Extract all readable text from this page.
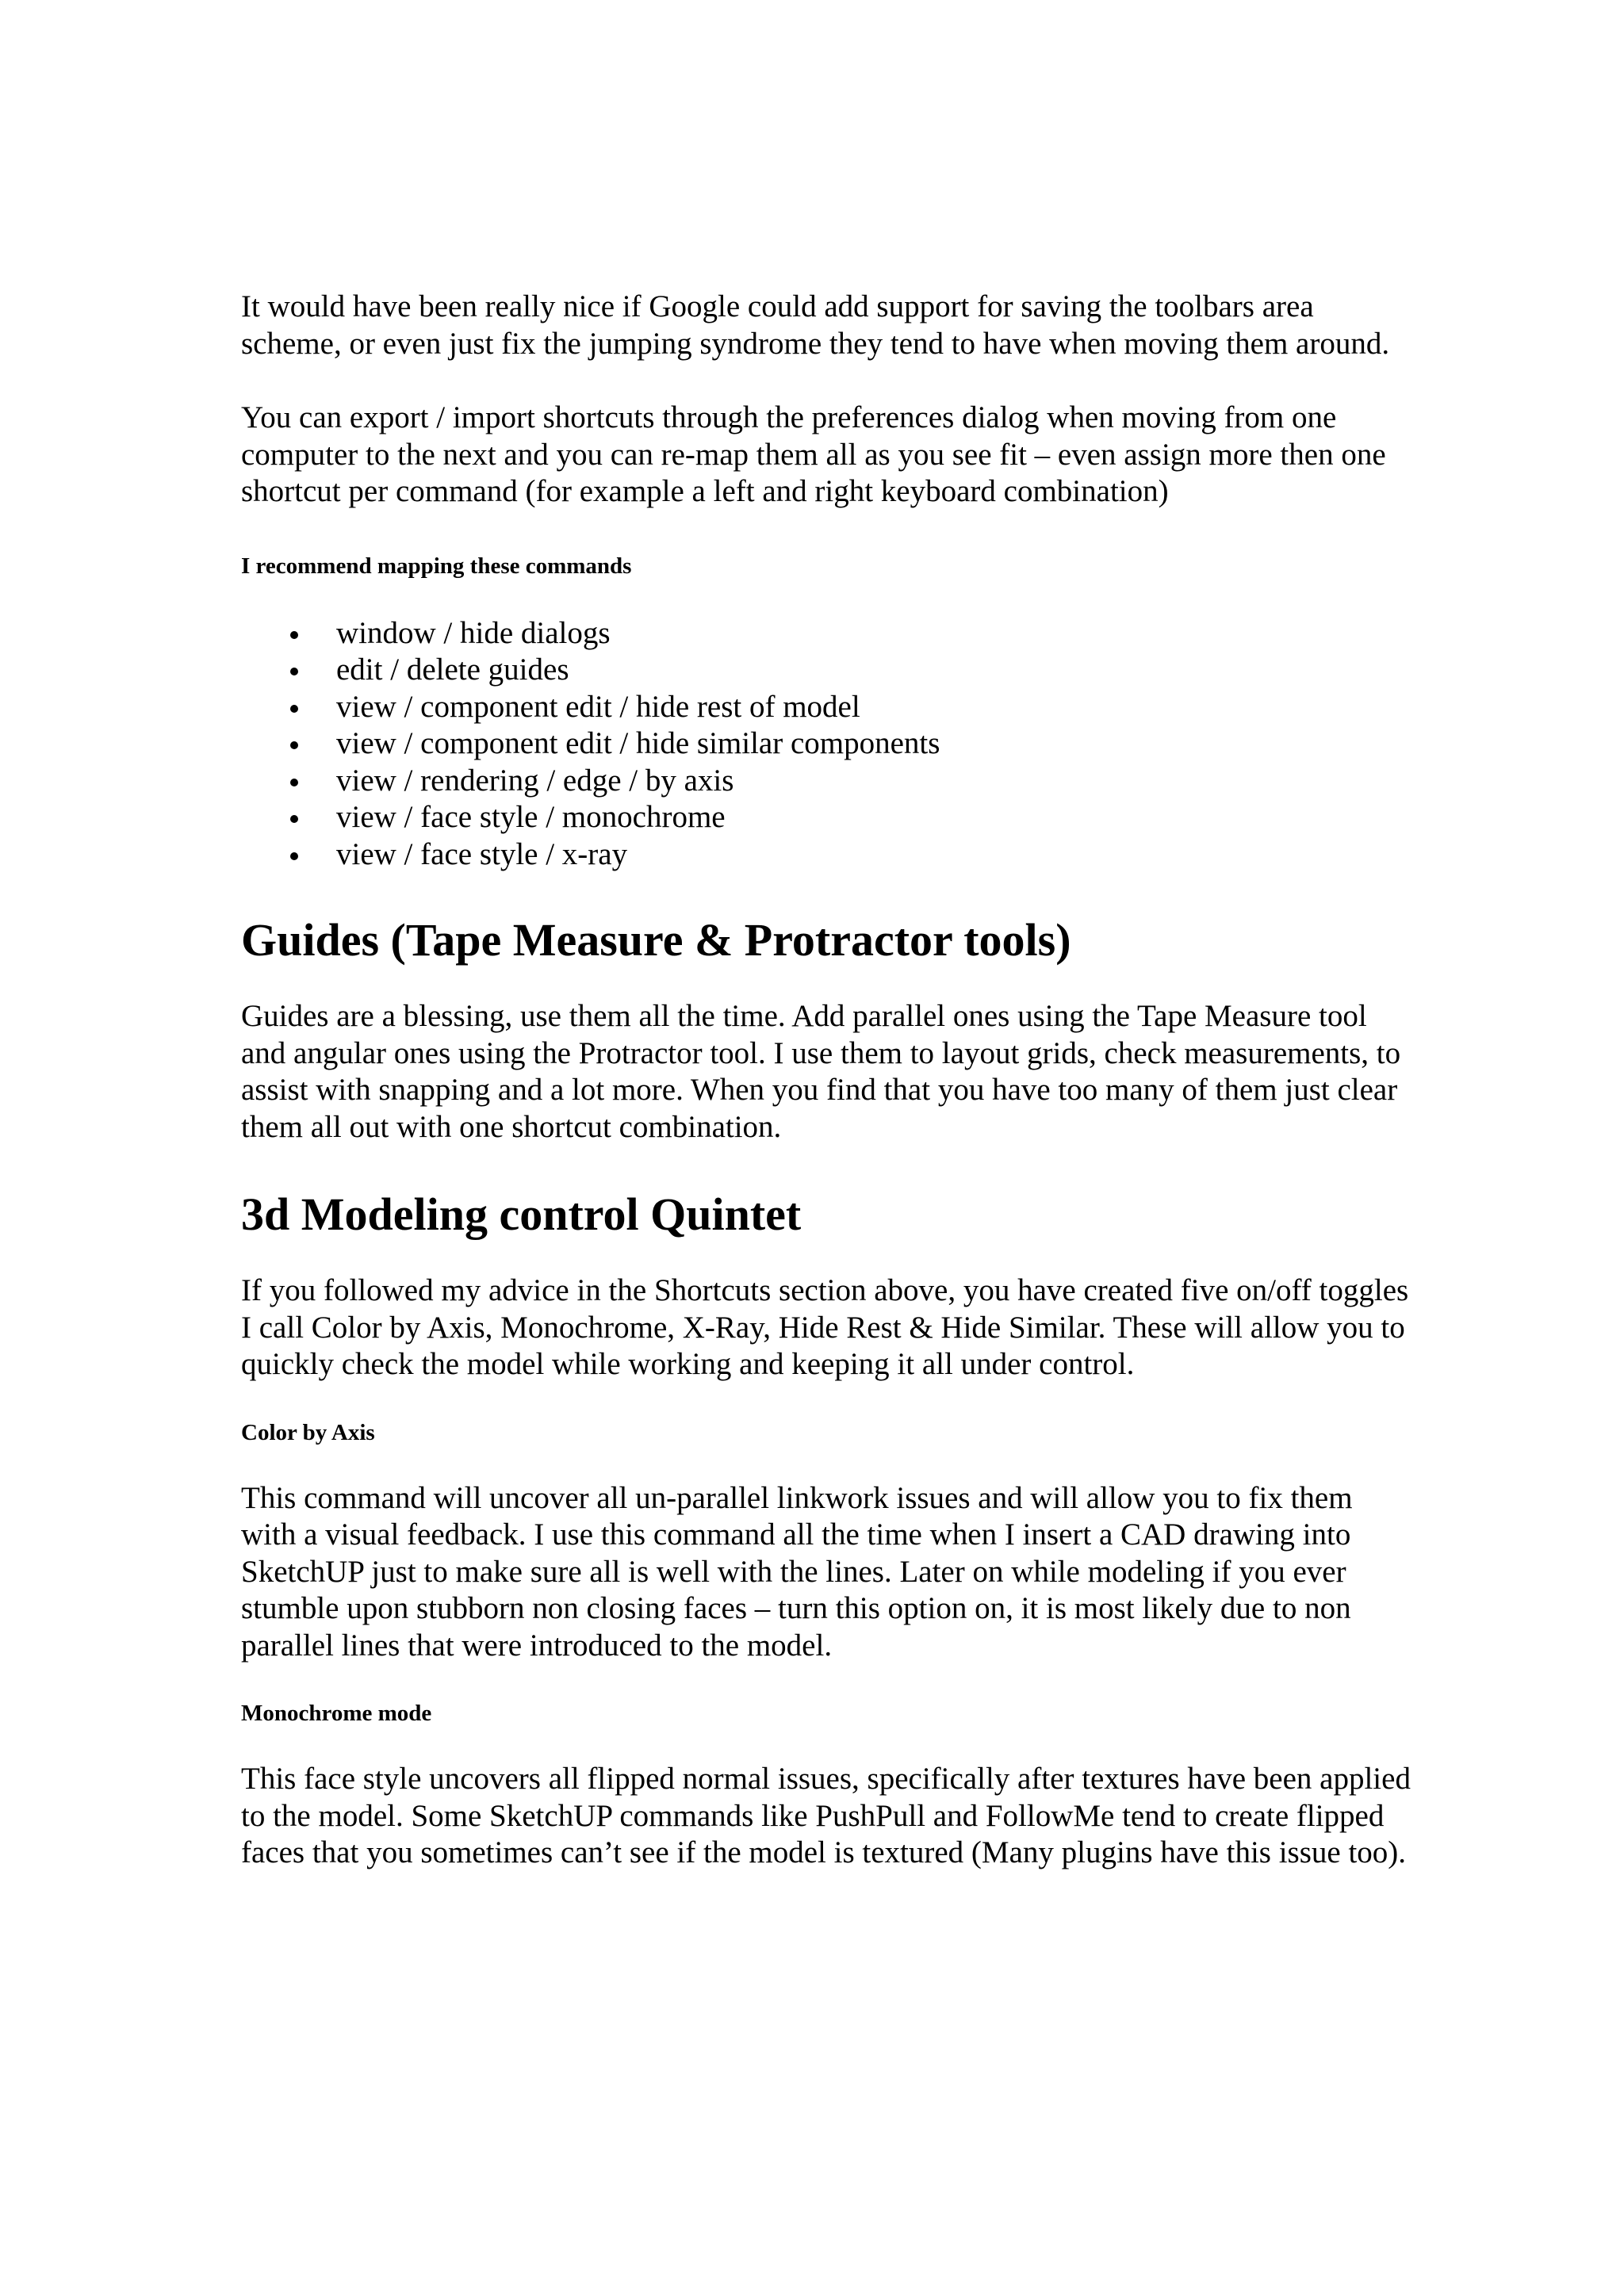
It would have been really nice if Google could add support for saving the toolbars area scheme, or even just fix the jumping syndrome they tend to have when moving them around.

You can export / import shortcuts through the preferences dialog when moving from one computer to the next and you can re-map them all as you see fit – even assign more then one shortcut per command (for example a left and right keyboard combination)

I recommend mapping these commands
window / hide dialogs
edit / delete guides
view / component edit / hide rest of model
view / component edit / hide similar components
view / rendering / edge / by axis
view / face style / monochrome
view / face style / x-ray
Guides (Tape Measure & Protractor tools)

Guides are a blessing, use them all the time. Add parallel ones using the Tape Measure tool and angular ones using the Protractor tool. I use them to layout grids, check measurements, to assist with snapping and a lot more. When you find that you have too many of them just clear them all out with one shortcut combination.

3d Modeling control Quintet

If you followed my advice in the Shortcuts section above, you have created five on/off toggles I call Color by Axis, Monochrome, X-Ray, Hide Rest & Hide Similar. These will allow you to quickly check the model while working and keeping it all under control.

Color by Axis

This command will uncover all un-parallel linkwork issues and will allow you to fix them with a visual feedback. I use this command all the time when I insert a CAD drawing into SketchUP just to make sure all is well with the lines. Later on while modeling if you ever stumble upon stubborn non closing faces – turn this option on, it is most likely due to non parallel lines that were introduced to the model.

Monochrome mode

This face style uncovers all flipped normal issues, specifically after textures have been applied to the model. Some SketchUP commands like PushPull and FollowMe tend to create flipped faces that you sometimes can’t see if the model is textured (Many plugins have this issue too).
